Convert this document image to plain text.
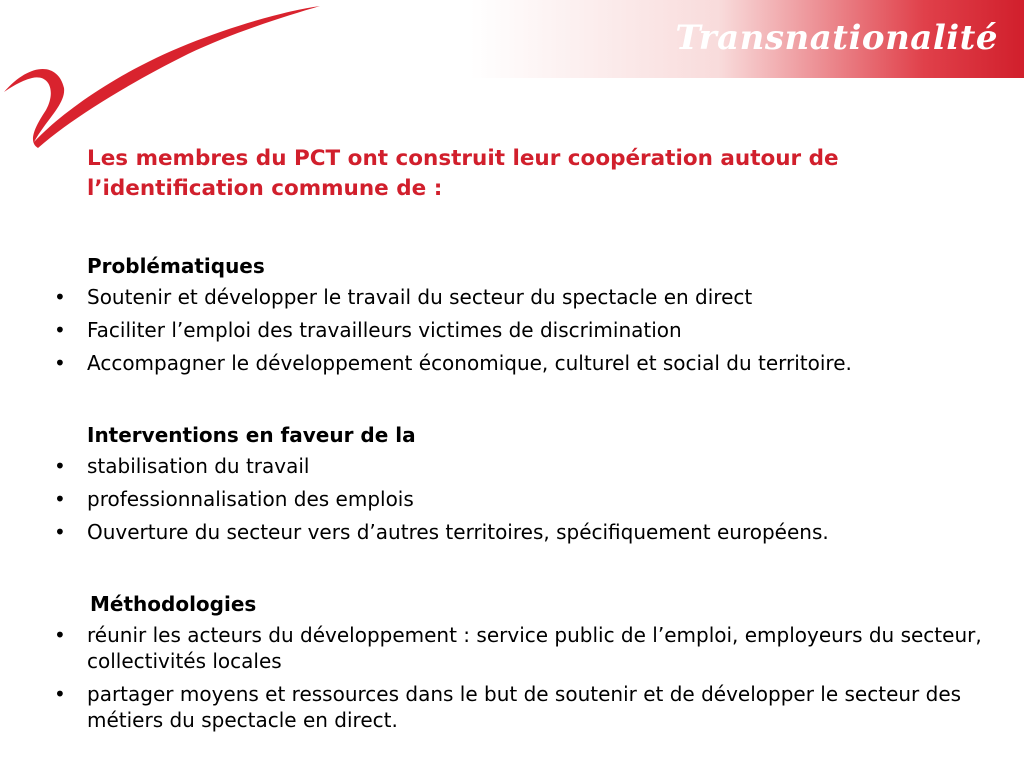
Transnationalité

Les membres du PCT ont construit leur coopération autour de l’identification commune de :

Problématiques
• Soutenir et développer le travail du secteur du spectacle en direct
• Faciliter l’emploi des travailleurs victimes de discrimination
• Accompagner le développement économique, culturel et social du territoire.
Interventions en faveur de la
• stabilisation du travail
• professionnalisation des emplois
• Ouverture du secteur vers d’autres territoires, spécifiquement européens.
Méthodologies
• réunir les acteurs du développement : service public de l’emploi, employeurs du secteur, collectivités locales
• partager moyens et ressources dans le but de soutenir et de développer le secteur des métiers du spectacle en direct.
